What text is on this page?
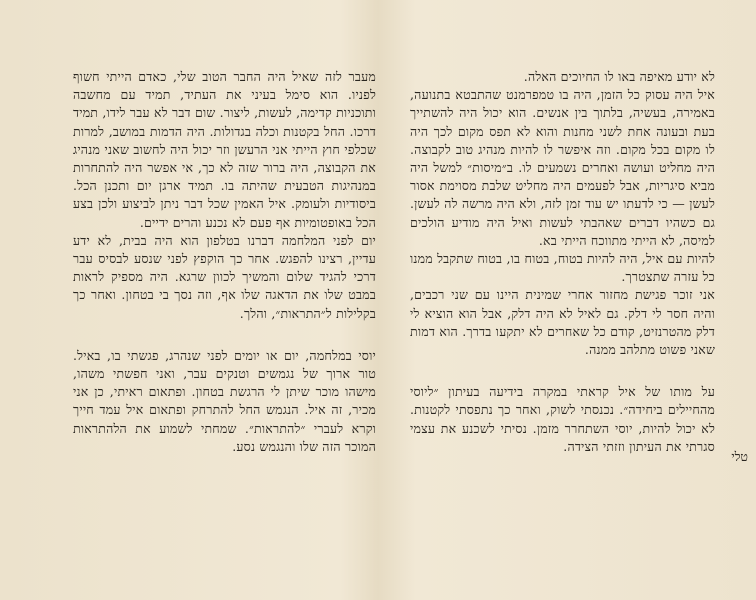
לא יודע מאיפה באו לו החיוכים האלה.

איל היה עסוק כל הזמן, היה בו טמפרמנט שהתבטא בתנועה, באמירה, בעשיה, בלתוך בין אנשים. הוא יכול היה להשתייך בעת ובעונה אחת לשני מחנות והוא לא תפס מקום לכך היה לו מקום בכל מקום. וזה איפשר לו להיות מנהיג טוב לקבוצה. היה מחליט ועושה ואחרים נשמעים לו. ב״מיסות״ למשל היה מביא סיגריות, אבל לפעמים היה מחליט שלבת מסוימת אסור לעשן — כי לדעתו יש עוד זמן לזה, ולא היה מרשה לה לעשן. גם כשהיו דברים שאהבתי לעשות ואיל היה מודיע הולכים למיסה, לא הייתי מתווכח הייתי בא.

להיות עם איל, היה להיות בטוח, בטוח בו, בטוח שתקבל ממנו כל עזרה שתצטרך.

אני זוכר פגישת מחזור אחרי שמינית היינו עם שני רכבים, והיה חסר לי דלק. גם לאיל לא היה דלק, אבל הוא הוציא לי דלק מהטרנזיט, קודם כל שאחרים לא יתקעו בדרך. הוא דמות שאני פשוט מתלהב ממנה.

על מותו של איל קראתי במקרה בידיעה בעיתון ״ליוסי מהחיילים ביחידה״. נכנסתי לשוק, ואחר כך נתפסתי לקטנות. לא יכול להיות, יוסי השתחרר מזמן. נסיתי לשכנע את עצמי סגרתי את העיתון וזזתי הצידה.

טלי

מעבר לזה שאיל היה החבר הטוב שלי, כאדם הייתי חשוף לפניו. הוא סימל בעיני את העתיד, תמיד עם מחשבה ותוכניות קדימה, לעשות, ליצור. שום דבר לא עבר לידו, תמיד דרכו. החל בקטנות וכלה בגדולות. היה הדמות במושב, למרות שכלפי חוץ הייתי אני הרעשן וזר יכול היה לחשוב שאני מנהיג את הקבוצה, היה ברור שזה לא כך, אי אפשר היה להתחרות במנהיגות הטבעית שהיתה בו. תמיד ארגן יום ותכנן הכל. ביסודיות ולעומק. איל האמין שכל דבר ניתן לביצוע ולכן בצע הכל באופטומיות אף פעם לא נכנע והרים ידיים.

יום לפני המלחמה דברנו בטלפון הוא היה בבית, לא ידע עדיין, רצינו להפגש. אחר כך הוקפץ לפני שנסע לבסיס עבר דרכי להגיד שלום והמשיך לכוון שרגא. היה מספיק לראות במבט שלו את הדאגה שלו אף, וזה נסך בי בטחון. ואחר כך בקלילות ל״התראות״, והלך.

יוסי במלחמה, יום או יומים לפני שנהרג, פגשתי בו, באיל. טור ארוך של נגמשים וטנקים עבר, ואני חפשתי משהו, מישהו מוכר שיתן לי הרגשת בטחון. ופתאום ראיתי, כן אני מכיר, זה איל. הנגמש החל להתרחק ופתאום איל עמד חייך וקרא לעברי ״להתראות״. שמחתי לשמוע את הלהתראות המוכר הזה שלו והנגמש נסע.
